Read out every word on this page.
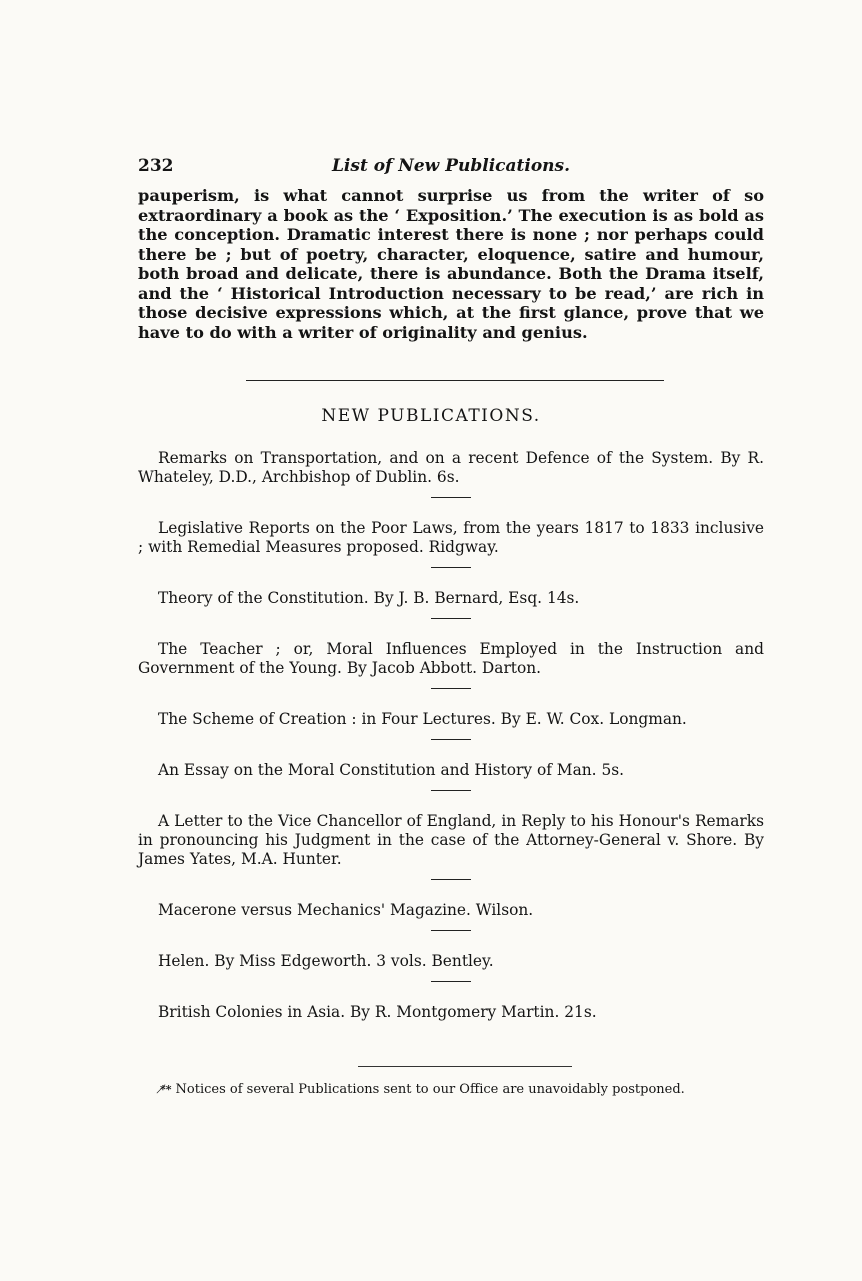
232	List of New Publications.

pauperism, is what cannot surprise us from the writer of so extraordinary a book as the ‘ Exposition.’ The execution is as bold as the conception. Dramatic interest there is none ; nor perhaps could there be ; but of poetry, character, eloquence, satire and humour, both broad and delicate, there is abundance. Both the Drama itself, and the ‘ Historical Introduction necessary to be read,’ are rich in those decisive expressions which, at the first glance, prove that we have to do with a writer of originality and genius.

NEW PUBLICATIONS.

Remarks on Transportation, and on a recent Defence of the System. By R. Whateley, D.D., Archbishop of Dublin. 6s.

Legislative Reports on the Poor Laws, from the years 1817 to 1833 inclusive ; with Remedial Measures proposed. Ridgway.

Theory of the Constitution. By J. B. Bernard, Esq. 14s.

The Teacher ; or, Moral Influences Employed in the Instruction and Government of the Young. By Jacob Abbott. Darton.

The Scheme of Creation : in Four Lectures. By E. W. Cox. Longman.

An Essay on the Moral Constitution and History of Man. 5s.

A Letter to the Vice Chancellor of England, in Reply to his Honour's Remarks in pronouncing his Judgment in the case of the Attorney-General v. Shore. By James Yates, M.A. Hunter.

Macerone versus Mechanics' Magazine. Wilson.

Helen. By Miss Edgeworth. 3 vols. Bentley.

British Colonies in Asia. By R. Montgomery Martin. 21s.

*̸* Notices of several Publications sent to our Office are unavoidably postponed.
